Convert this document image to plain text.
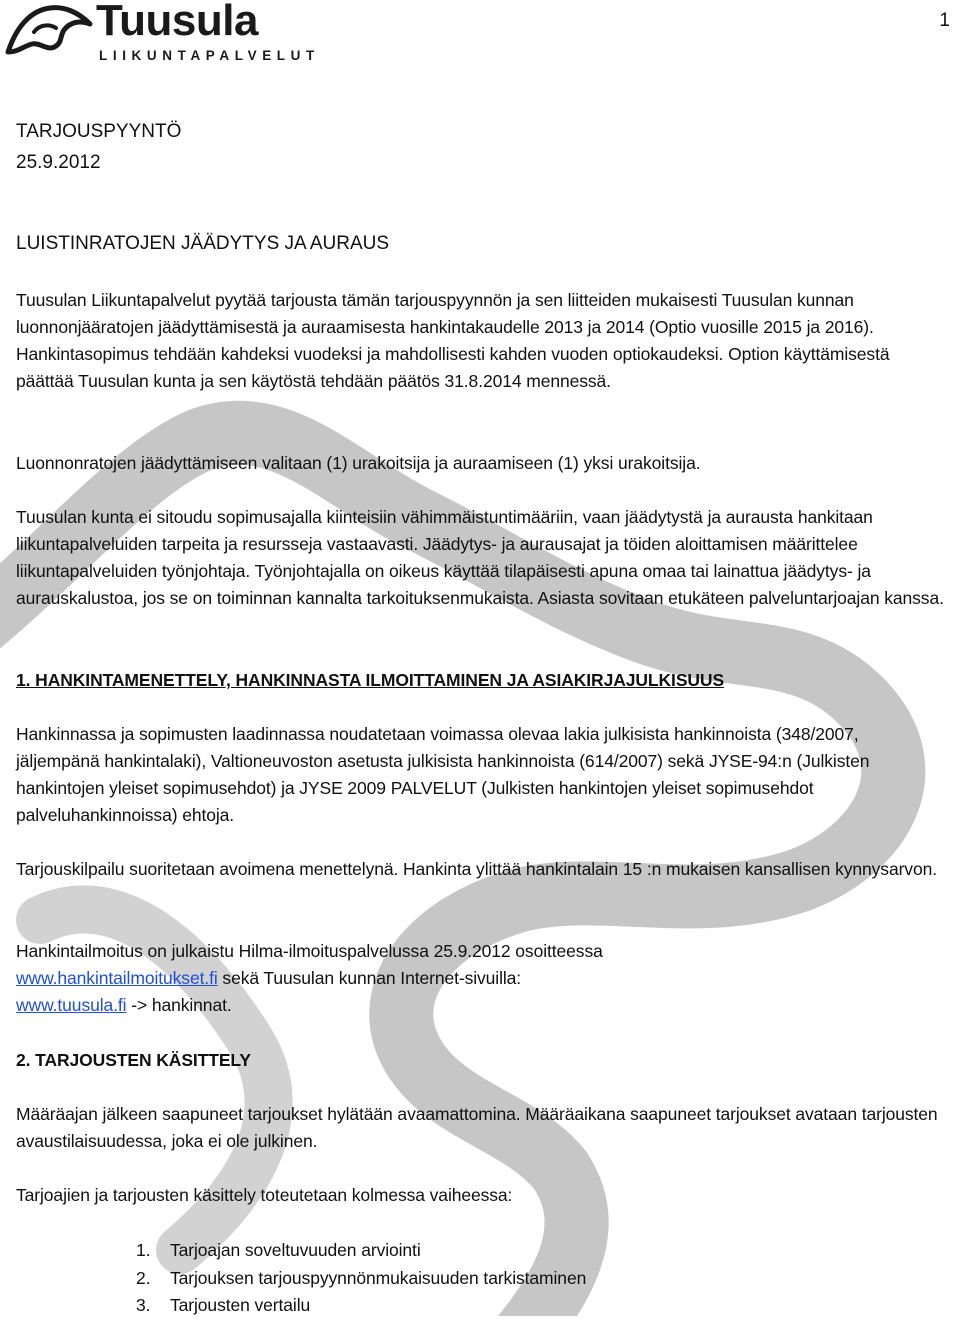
Tuusula
LIIKUNTAPALVELUT
1
TARJOUSPYYNTÖ
25.9.2012
LUISTINRATOJEN JÄÄDYTYS JA AURAUS

Tuusulan Liikuntapalvelut pyytää tarjousta tämän tarjouspyynnön ja sen liitteiden mukaisesti Tuusulan kunnan luonnonjääratojen jäädyttämisestä ja auraamisesta hankintakaudelle 2013 ja 2014 (Optio vuosille 2015 ja 2016). Hankintasopimus tehdään kahdeksi vuodeksi ja mahdollisesti kahden vuoden optiokaudeksi. Option käyttämisestä päättää Tuusulan kunta ja sen käytöstä tehdään päätös 31.8.2014 mennessä.

Luonnonratojen jäädyttämiseen valitaan (1) urakoitsija ja auraamiseen (1) yksi urakoitsija.

Tuusulan kunta ei sitoudu sopimusajalla kiinteisiin vähimmäistuntimääriin, vaan jäädytystä ja aurausta hankitaan liikuntapalveluiden tarpeita ja resursseja vastaavasti. Jäädytys- ja aurausajat ja töiden aloittamisen määrittelee liikuntapalveluiden työnjohtaja. Työnjohtajalla on oikeus käyttää tilapäisesti apuna omaa tai lainattua jäädytys- ja aurauskalustoa, jos se on toiminnan kannalta tarkoituksenmukaista. Asiasta sovitaan etukäteen palveluntarjoajan kanssa.

1. HANKINTAMENETTELY, HANKINNASTA ILMOITTAMINEN JA ASIAKIRJAJULKISUUS

Hankinnassa ja sopimusten laadinnassa noudatetaan voimassa olevaa lakia julkisista hankinnoista (348/2007, jäljempänä hankintalaki), Valtioneuvoston asetusta julkisista hankinnoista (614/2007) sekä JYSE-94:n (Julkisten hankintojen yleiset sopimusehdot) ja JYSE 2009 PALVELUT (Julkisten hankintojen yleiset sopimusehdot palveluhankinnoissa) ehtoja.

Tarjouskilpailu suoritetaan avoimena menettelynä. Hankinta ylittää hankintalain 15 :n mukaisen kansallisen kynnysarvon.

Hankintailmoitus on julkaistu Hilma-ilmoituspalvelussa 25.9.2012 osoitteessa
www.hankintailmoitukset.fi sekä Tuusulan kunnan Internet-sivuilla:
www.tuusula.fi -> hankinnat.

2. TARJOUSTEN KÄSITTELY

Määräajan jälkeen saapuneet tarjoukset hylätään avaamattomina. Määräaikana saapuneet tarjoukset avataan tarjousten avaustilaisuudessa, joka ei ole julkinen.

Tarjoajien ja tarjousten käsittely toteutetaan kolmessa vaiheessa:

1. Tarjoajan soveltuvuuden arviointi
2. Tarjouksen tarjouspyynnönmukaisuuden tarkistaminen
3. Tarjousten vertailu
